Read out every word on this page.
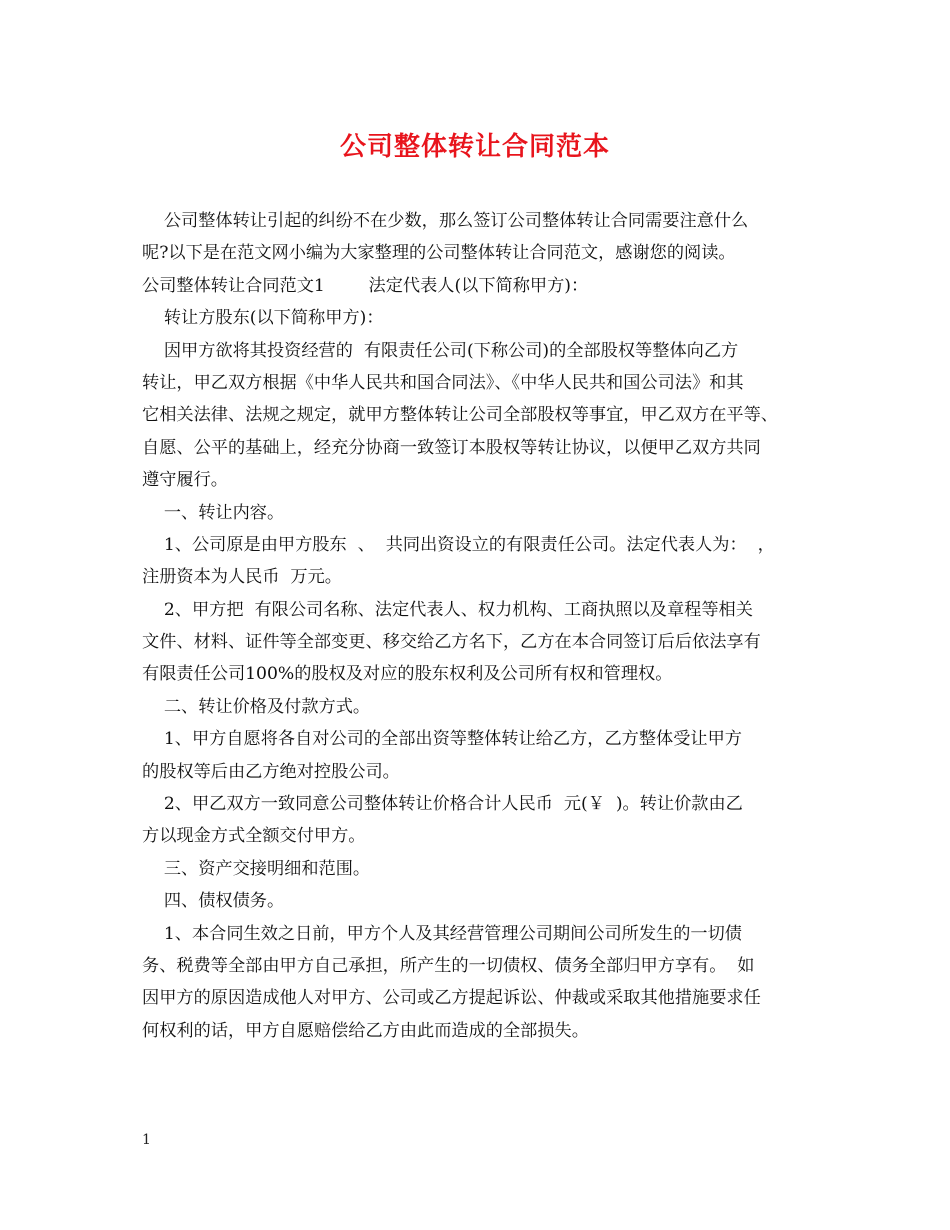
公司整体转让合同范本
公司整体转让引起的纠纷不在少数，那么签订公司整体转让合同需要注意什么
呢?以下是在范文网小编为大家整理的公司整体转让合同范文，感谢您的阅读。
公司整体转让合同范文1        法定代表人(以下简称甲方)：
转让方股东(以下简称甲方)：
因甲方欲将其投资经营的  有限责任公司(下称公司)的全部股权等整体向乙方
转让，甲乙双方根据《中华人民共和国合同法》、《中华人民共和国公司法》和其
它相关法律、法规之规定，就甲方整体转让公司全部股权等事宜，甲乙双方在平等、
自愿、公平的基础上，经充分协商一致签订本股权等转让协议，以便甲乙双方共同
遵守履行。
一、转让内容。
1、公司原是由甲方股东  、  共同出资设立的有限责任公司。法定代表人为：  ，
注册资本为人民币  万元。
2、甲方把  有限公司名称、法定代表人、权力机构、工商执照以及章程等相关
文件、材料、证件等全部变更、移交给乙方名下，乙方在本合同签订后后依法享有
有限责任公司100%的股权及对应的股东权利及公司所有权和管理权。
二、转让价格及付款方式。
1、甲方自愿将各自对公司的全部出资等整体转让给乙方，乙方整体受让甲方
的股权等后由乙方绝对控股公司。
2、甲乙双方一致同意公司整体转让价格合计人民币  元(￥  )。转让价款由乙
方以现金方式全额交付甲方。
三、资产交接明细和范围。
四、债权债务。
1、本合同生效之日前，甲方个人及其经营管理公司期间公司所发生的一切债
务、税费等全部由甲方自己承担，所产生的一切债权、债务全部归甲方享有。  如
因甲方的原因造成他人对甲方、公司或乙方提起诉讼、仲裁或采取其他措施要求任
何权利的话，甲方自愿赔偿给乙方由此而造成的全部损失。
1
